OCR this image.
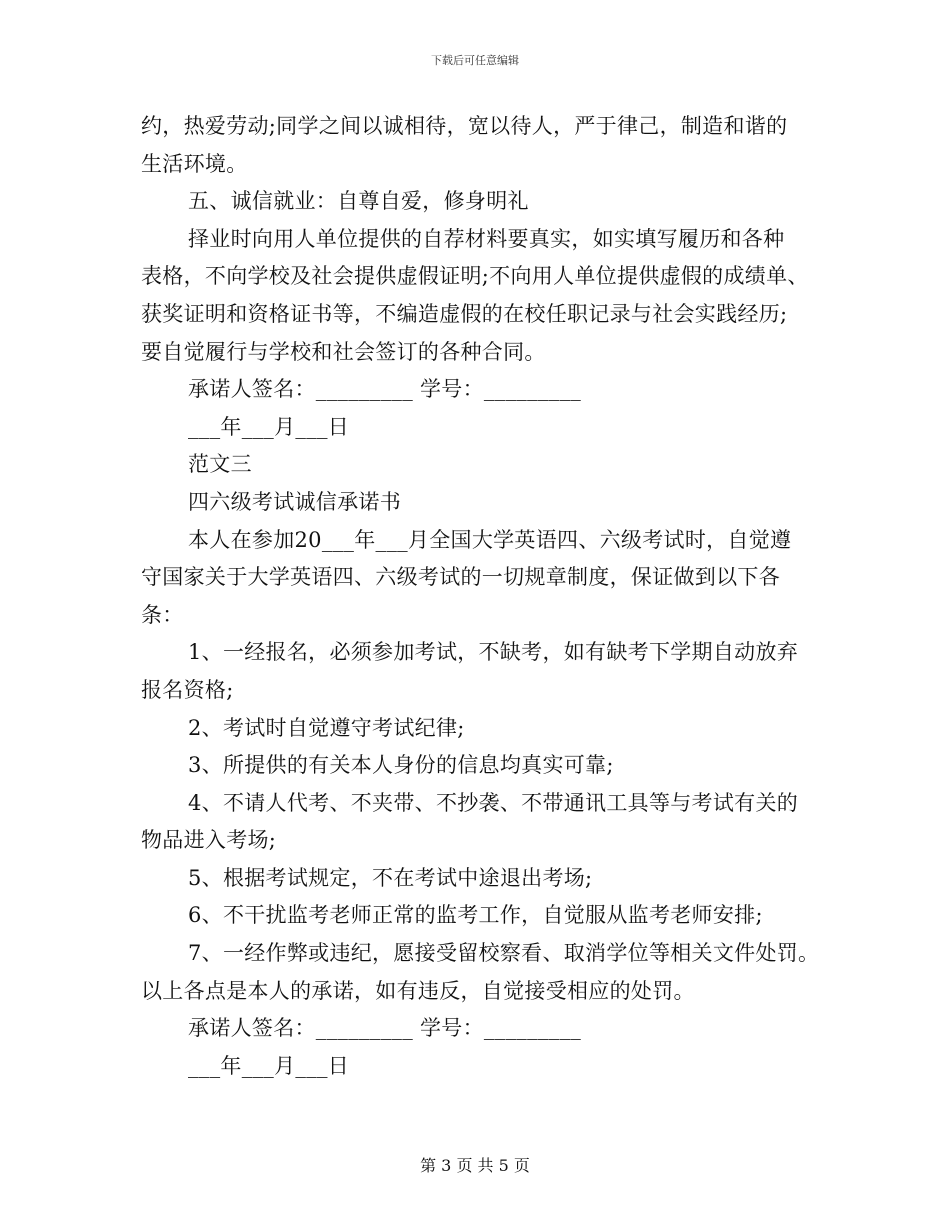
下载后可任意编辑
约，热爱劳动;同学之间以诚相待，宽以待人，严于律己，制造和谐的
生活环境。
五、诚信就业：自尊自爱，修身明礼
择业时向用人单位提供的自荐材料要真实，如实填写履历和各种
表格，不向学校及社会提供虚假证明;不向用人单位提供虚假的成绩单、
获奖证明和资格证书等，不编造虚假的在校任职记录与社会实践经历;
要自觉履行与学校和社会签订的各种合同。
承诺人签名：_________ 学号：_________
___年___月___日
范文三
四六级考试诚信承诺书
本人在参加20___年___月全国大学英语四、六级考试时，自觉遵
守国家关于大学英语四、六级考试的一切规章制度，保证做到以下各
条：
1、一经报名，必须参加考试，不缺考，如有缺考下学期自动放弃
报名资格;
2、考试时自觉遵守考试纪律;
3、所提供的有关本人身份的信息均真实可靠;
4、不请人代考、不夹带、不抄袭、不带通讯工具等与考试有关的
物品进入考场;
5、根据考试规定，不在考试中途退出考场;
6、不干扰监考老师正常的监考工作，自觉服从监考老师安排;
7、一经作弊或违纪，愿接受留校察看、取消学位等相关文件处罚。
以上各点是本人的承诺，如有违反，自觉接受相应的处罚。
承诺人签名：_________ 学号：_________
___年___月___日
第 3 页 共 5 页
